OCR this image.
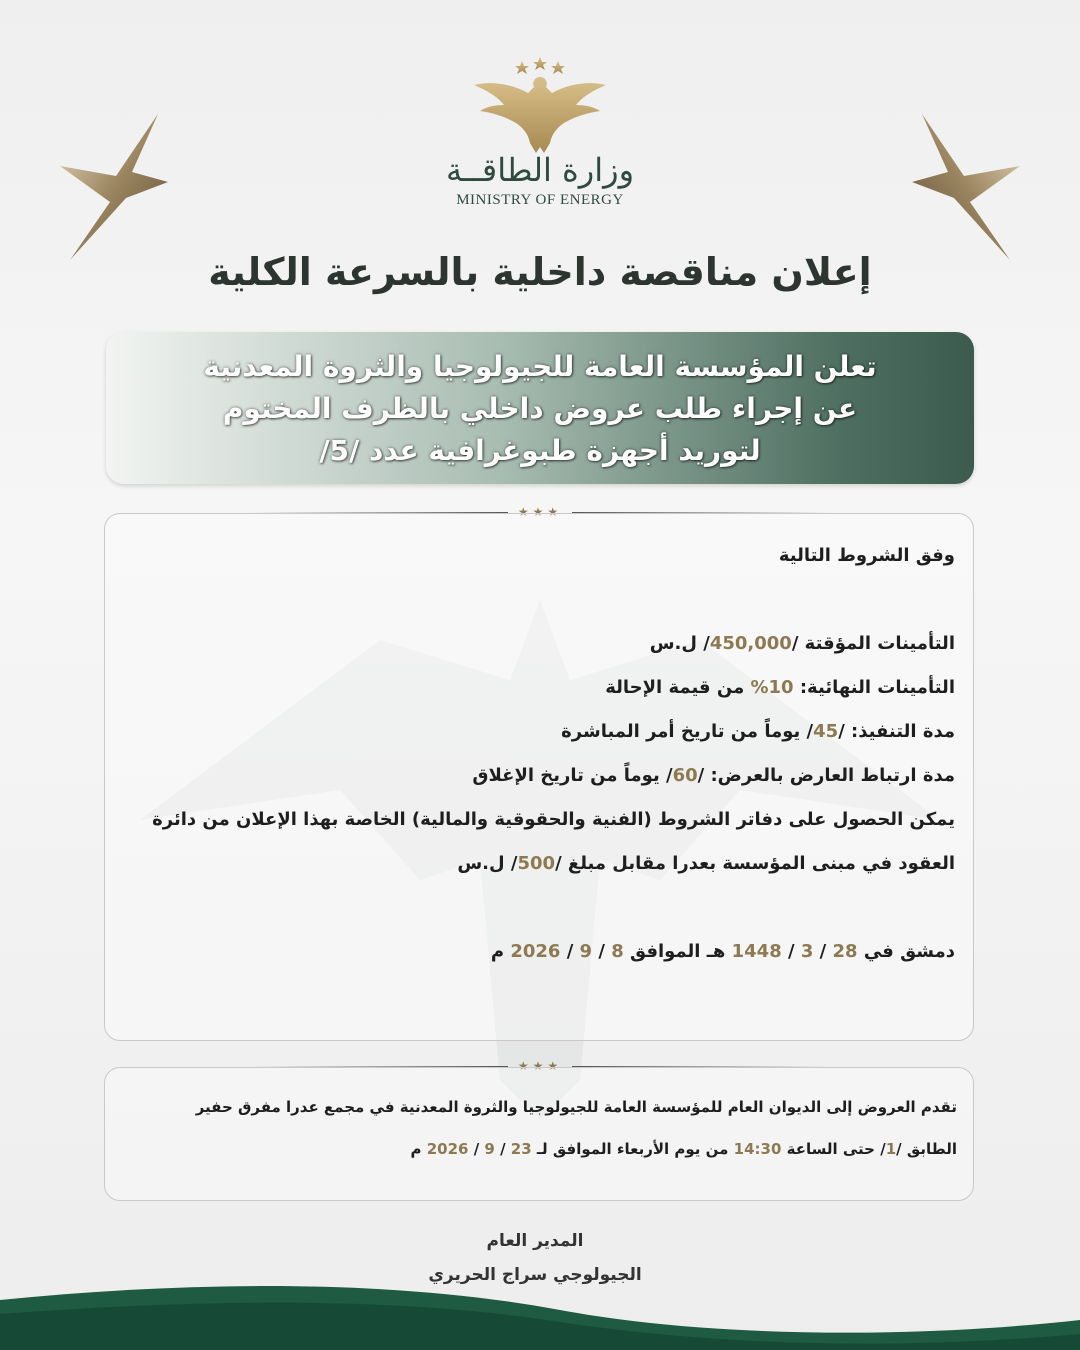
وزارة الطاقــة
MINISTRY OF ENERGY
إعلان مناقصة داخلية بالسرعة الكلية
تعلن المؤسسة العامة للجيولوجيا والثروة المعدنية
عن إجراء طلب عروض داخلي بالظرف المختوم
لتوريد أجهزة طبوغرافية عدد /5/
★★★

وفق الشروط التالية

التأمينات المؤقتة /450,000/ ل.س

التأمينات النهائية: 10% من قيمة الإحالة

مدة التنفيذ: /45/ يوماً من تاريخ أمر المباشرة

مدة ارتباط العارض بالعرض: /60/ يوماً من تاريخ الإغلاق

يمكن الحصول على دفاتر الشروط (الفنية والحقوقية والمالية) الخاصة بهذا الإعلان من دائرة

العقود في مبنى المؤسسة بعدرا مقابل مبلغ /500/ ل.س

دمشق في 28 / 3 / 1448 هـ الموافق 8 / 9 / 2026 م

★★★

تقدم العروض إلى الديوان العام للمؤسسة العامة للجيولوجيا والثروة المعدنية في مجمع عدرا مفرق حفير

الطابق /1/ حتى الساعة 14:30 من يوم الأربعاء الموافق لـ 23 / 9 / 2026 م

المدير العام
الجيولوجي سراج الحريري
